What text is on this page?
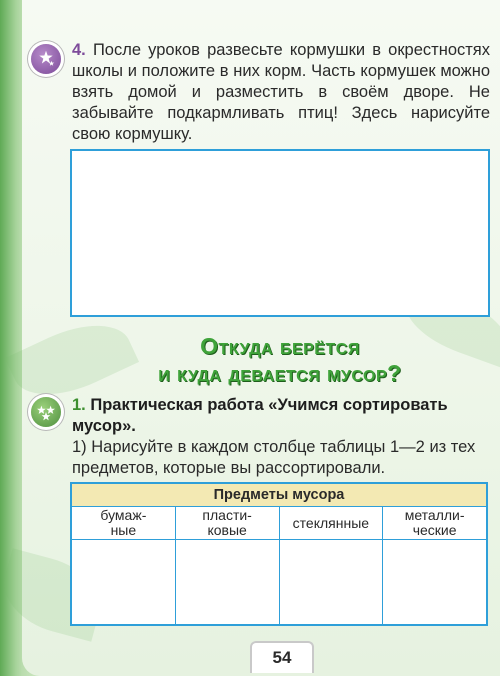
4. После уроков развесьте кормушки в окрестностях школы и положите в них корм. Часть кормушек можно взять домой и разместить в своём дворе. Не забывайте подкармливать птиц! Здесь нарисуйте свою кормушку.
Откуда берётся
и куда девается мусор?
1. Практическая работа «Учимся сортировать мусор».
1) Нарисуйте в каждом столбце таблицы 1—2 из тех предметов, которые вы рассортировали.
Предметы мусора
бумаж-
ные
пласти-
ковые	стеклянные	металли-
ческие
54
